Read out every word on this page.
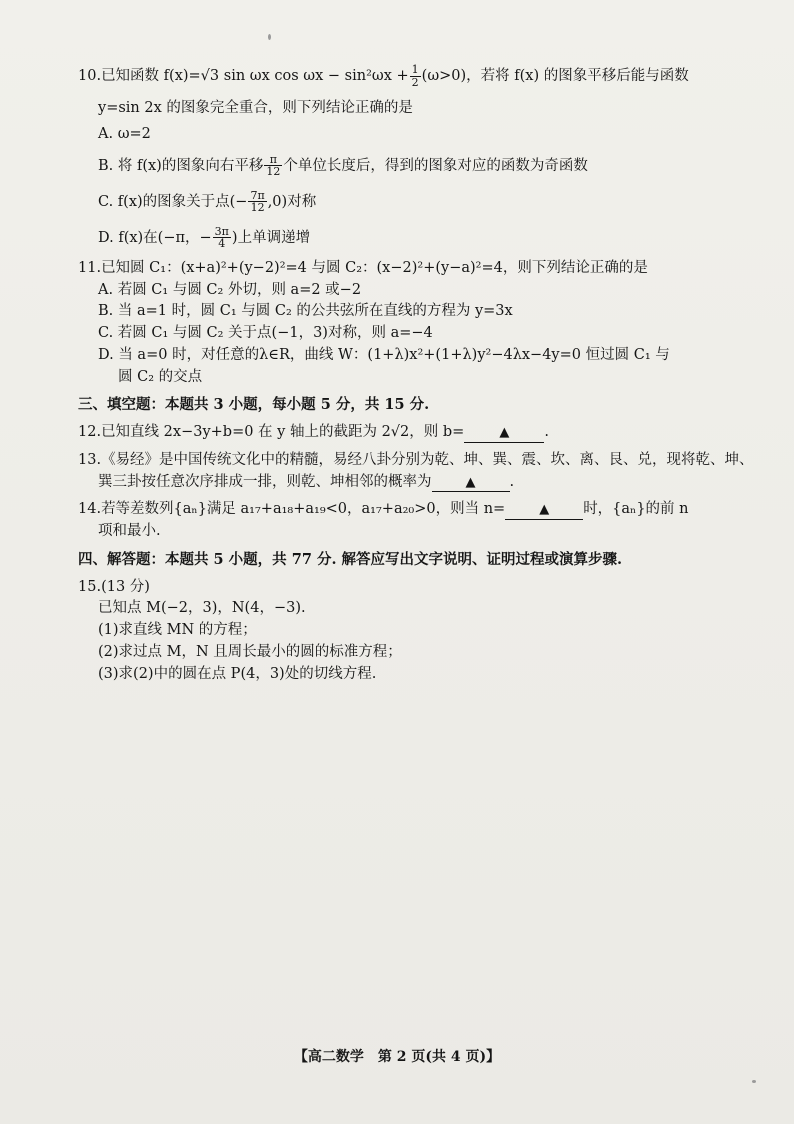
10.已知函数 f(x)=√3 sin ωx $\cos \omega x - \sin^2\omega x + \frac{1}{2} (\omega>0)$，若将 f(x) 的图象平移后能与函数
y=sin 2x 的图象完全重合，则下列结论正确的是
A. ω=2
B. 将 f(x)的图象向右平移 $\frac{\pi}{12}$ 个单位长度后，得到的图象对应的函数为奇函数
C. f(x)的图象关于点(− $\frac{7\pi}{12} ,0$)对称
D. f(x)在(−π，− $\frac{3\pi}{4}$ )上单调递增
11.已知圆 C₁：(x+a)²+(y−2)²=4 与圆 C₂：(x−2)²+(y−a)²=4，则下列结论正确的是
A. 若圆 C₁ 与圆 C₂ 外切，则 a=2 或−2
B. 当 a=1 时，圆 C₁ 与圆 C₂ 的公共弦所在直线的方程为 y=3x
C. 若圆 C₁ 与圆 C₂ 关于点(−1，3)对称，则 a=−4
D. 当 a=0 时，对任意的λ∈R，曲线 W：(1+λ)x²+(1+λ)y²−4λx−4y=0 恒过圆 C₁ 与
圆 C₂ 的交点
三、填空题：本题共 3 小题，每小题 5 分，共 15 分.
12.已知直线 2x−3y+b=0 在 y 轴上的截距为 2√2，则 b=	▲ .
13.《易经》是中国传统文化中的精髓，易经八卦分别为乾、坤、巽、震、坎、离、艮、兑，现将乾、坤、
巽三卦按任意次序排成一排，则乾、坤相邻的概率为	▲ .
14.若等差数列{aₙ}满足 a₁₇+a₁₈+a₁₉<0，a₁₇+a₂₀>0，则当 n=	▲ 时，{aₙ}的前 n
项和最小.
四、解答题：本题共 5 小题，共 77 分. 解答应写出文字说明、证明过程或演算步骤.
15.(13 分)
已知点 M(−2，3)，N(4，−3).
(1)求直线 MN 的方程；
(2)求过点 M，N 且周长最小的圆的标准方程；
(3)求(2)中的圆在点 P(4，3)处的切线方程.
【高二数学　第 2 页(共 4 页)】
